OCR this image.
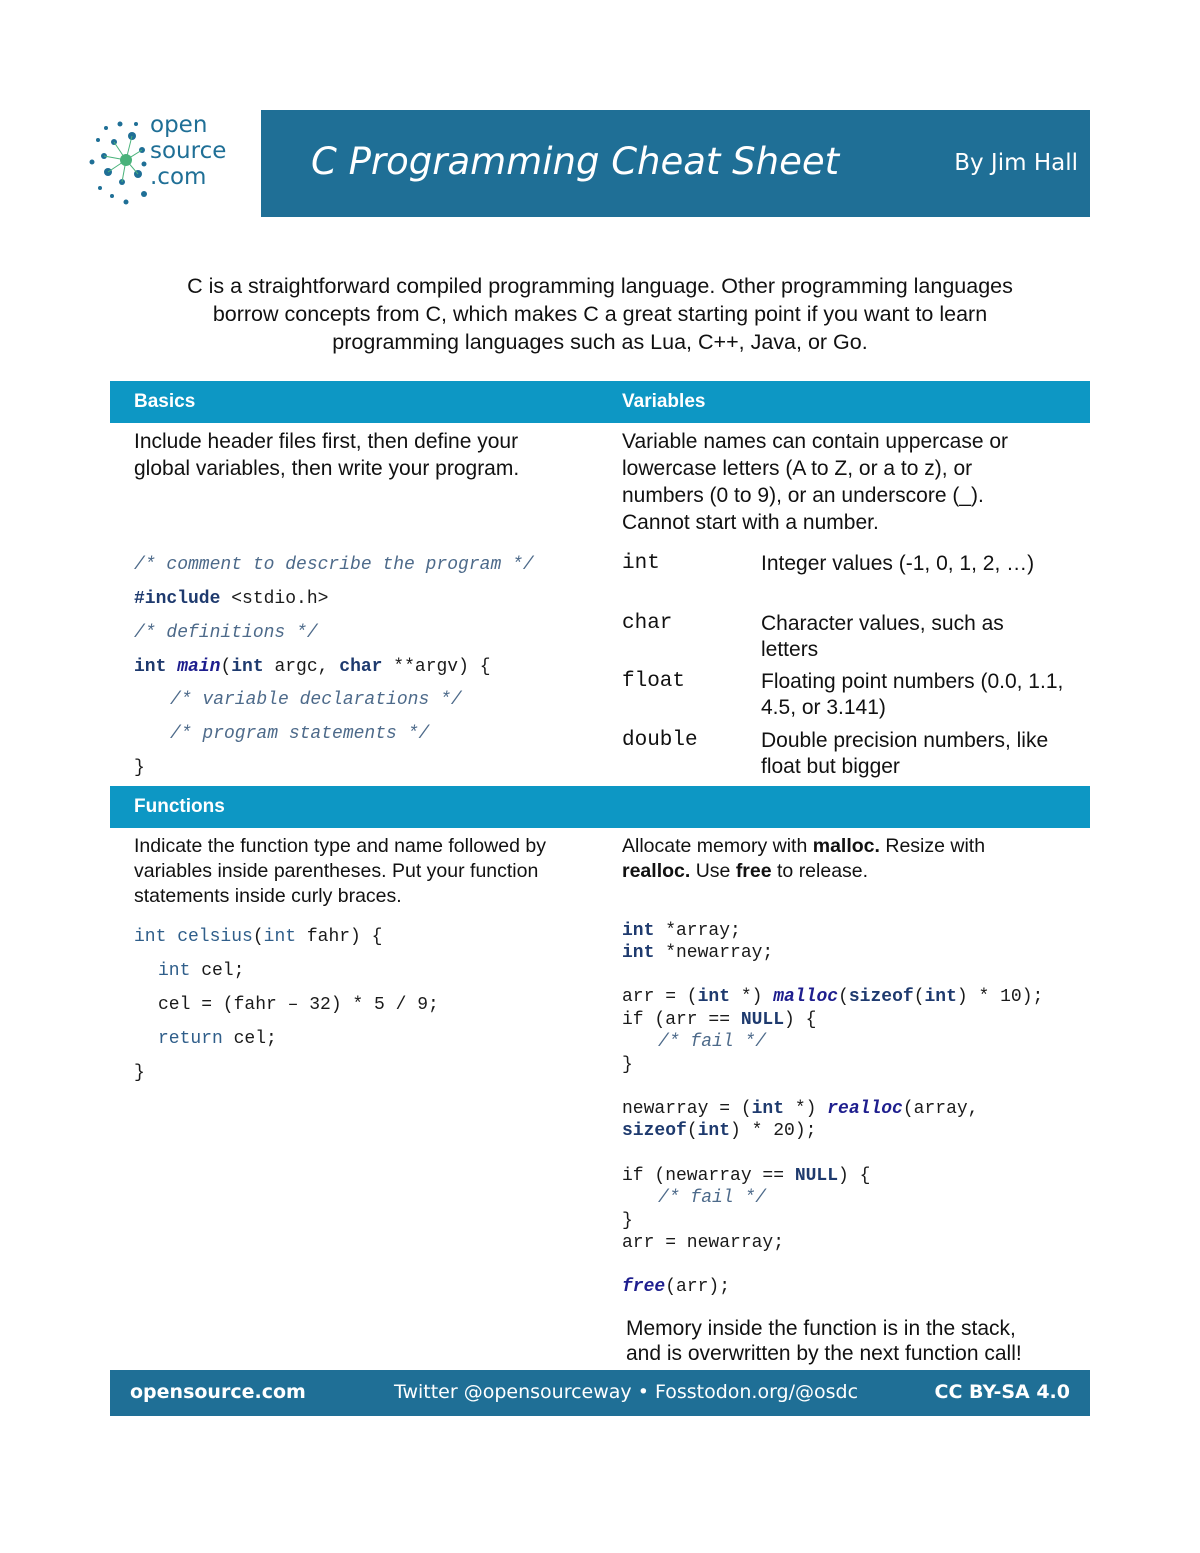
open
source
.com	C Programming Cheat Sheet	By Jim Hall
C is a straightforward compiled programming language. Other programming languages
borrow concepts from C, which makes C a great starting point if you want to learn
programming languages such as Lua, C++, Java, or Go.
Basics	Variables
Include header files first, then define your
global variables, then write your program.

/* comment to describe the program */

#include <stdio.h>

/* definitions */

int main(int argc, char **argv) {

/* variable declarations */

/* program statements */

}

Variable names can contain uppercase or
lowercase letters (A to Z, or a to z), or
numbers (0 to 9), or an underscore (_).
Cannot start with a number.
int	Integer values (-1, 0, 1, 2, …)
char	Character values, such as letters
float	Floating point numbers (0.0, 1.1, 4.5, or 3.141)
double	Double precision numbers, like float but bigger
Functions
Indicate the function type and name followed by
variables inside parentheses. Put your function
statements inside curly braces.

int celsius(int fahr) {

int cel;

cel = (fahr – 32) * 5 / 9;

return cel;

}

Allocate memory with malloc. Resize with
realloc. Use free to release.

int *array;

int *newarray;

arr = (int *) malloc(sizeof(int) * 10);

if (arr == NULL) {

/* fail */

}

newarray = (int *) realloc(array,

sizeof(int) * 20);

if (newarray == NULL) {

/* fail */

}

arr = newarray;

free(arr);

Memory inside the function is in the stack,
and is overwritten by the next function call!
opensource.com	Twitter @opensourceway • Fosstodon.org/@osdc	CC BY-SA 4.0
